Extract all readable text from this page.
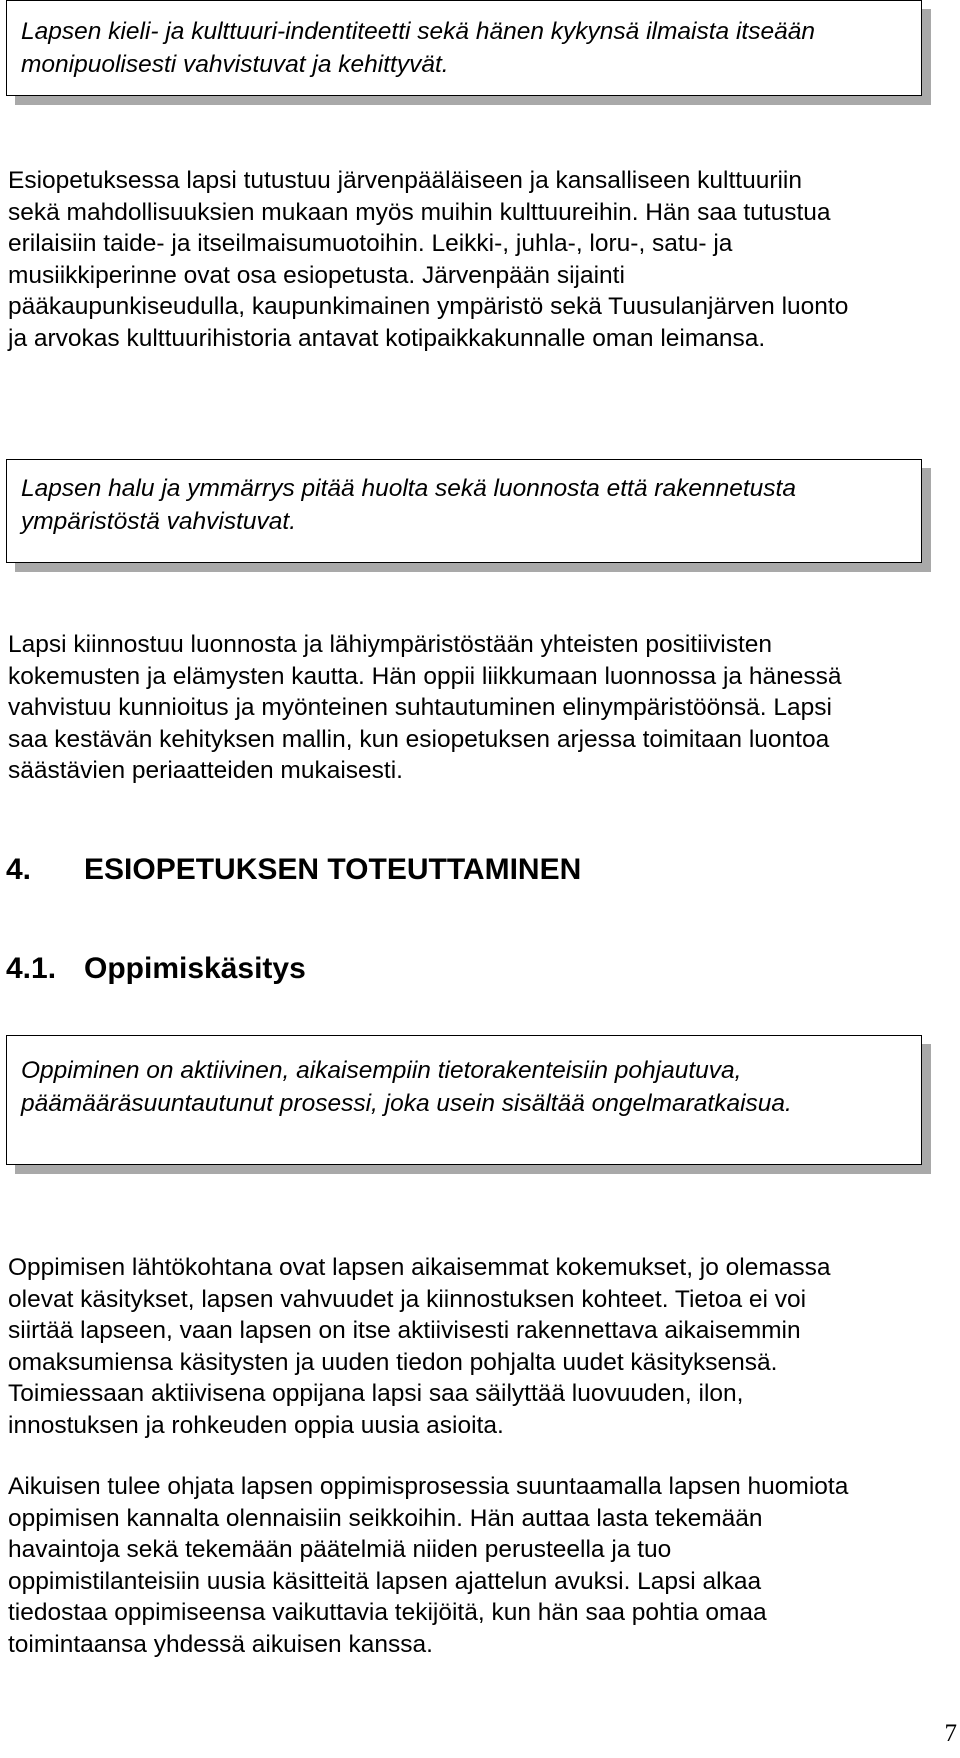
Lapsen kieli- ja kulttuuri-indentiteetti sekä hänen kykynsä ilmaista itseään
monipuolisesti vahvistuvat ja kehittyvät.

Esiopetuksessa lapsi tutustuu järvenpääläiseen ja kansalliseen kulttuuriin
sekä mahdollisuuksien mukaan myös muihin kulttuureihin. Hän saa tutustua
erilaisiin taide- ja itseilmaisumuotoihin. Leikki-, juhla-, loru-, satu- ja
musiikkiperinne ovat osa esiopetusta. Järvenpään sijainti
pääkaupunkiseudulla, kaupunkimainen ympäristö sekä Tuusulanjärven luonto
ja arvokas kulttuurihistoria antavat kotipaikkakunnalle oman leimansa.

Lapsen halu ja ymmärrys pitää huolta sekä luonnosta että rakennetusta
ympäristöstä vahvistuvat.

Lapsi kiinnostuu luonnosta ja lähiympäristöstään yhteisten positiivisten
kokemusten ja elämysten kautta. Hän oppii liikkumaan luonnossa ja hänessä
vahvistuu kunnioitus ja myönteinen suhtautuminen elinympäristöönsä. Lapsi
saa kestävän kehityksen mallin, kun esiopetuksen arjessa toimitaan luontoa
säästävien periaatteiden mukaisesti.

4. ESIOPETUKSEN TOTEUTTAMINEN
4.1. Oppimiskäsitys

Oppiminen on aktiivinen, aikaisempiin tietorakenteisiin pohjautuva,
päämääräsuuntautunut prosessi, joka usein sisältää ongelmaratkaisua.

Oppimisen lähtökohtana ovat lapsen aikaisemmat kokemukset, jo olemassa
olevat käsitykset, lapsen vahvuudet ja kiinnostuksen kohteet. Tietoa ei voi
siirtää lapseen, vaan lapsen on itse aktiivisesti rakennettava aikaisemmin
omaksumiensa käsitysten ja uuden tiedon pohjalta uudet käsityksensä.
Toimiessaan aktiivisena oppijana lapsi saa säilyttää luovuuden, ilon,
innostuksen ja rohkeuden oppia uusia asioita.

Aikuisen tulee ohjata lapsen oppimisprosessia suuntaamalla lapsen huomiota
oppimisen kannalta olennaisiin seikkoihin. Hän auttaa lasta tekemään
havaintoja sekä tekemään päätelmiä niiden perusteella ja tuo
oppimistilanteisiin uusia käsitteitä lapsen ajattelun avuksi. Lapsi alkaa
tiedostaa oppimiseensa vaikuttavia tekijöitä, kun hän saa pohtia omaa
toimintaansa yhdessä aikuisen kanssa.

7
